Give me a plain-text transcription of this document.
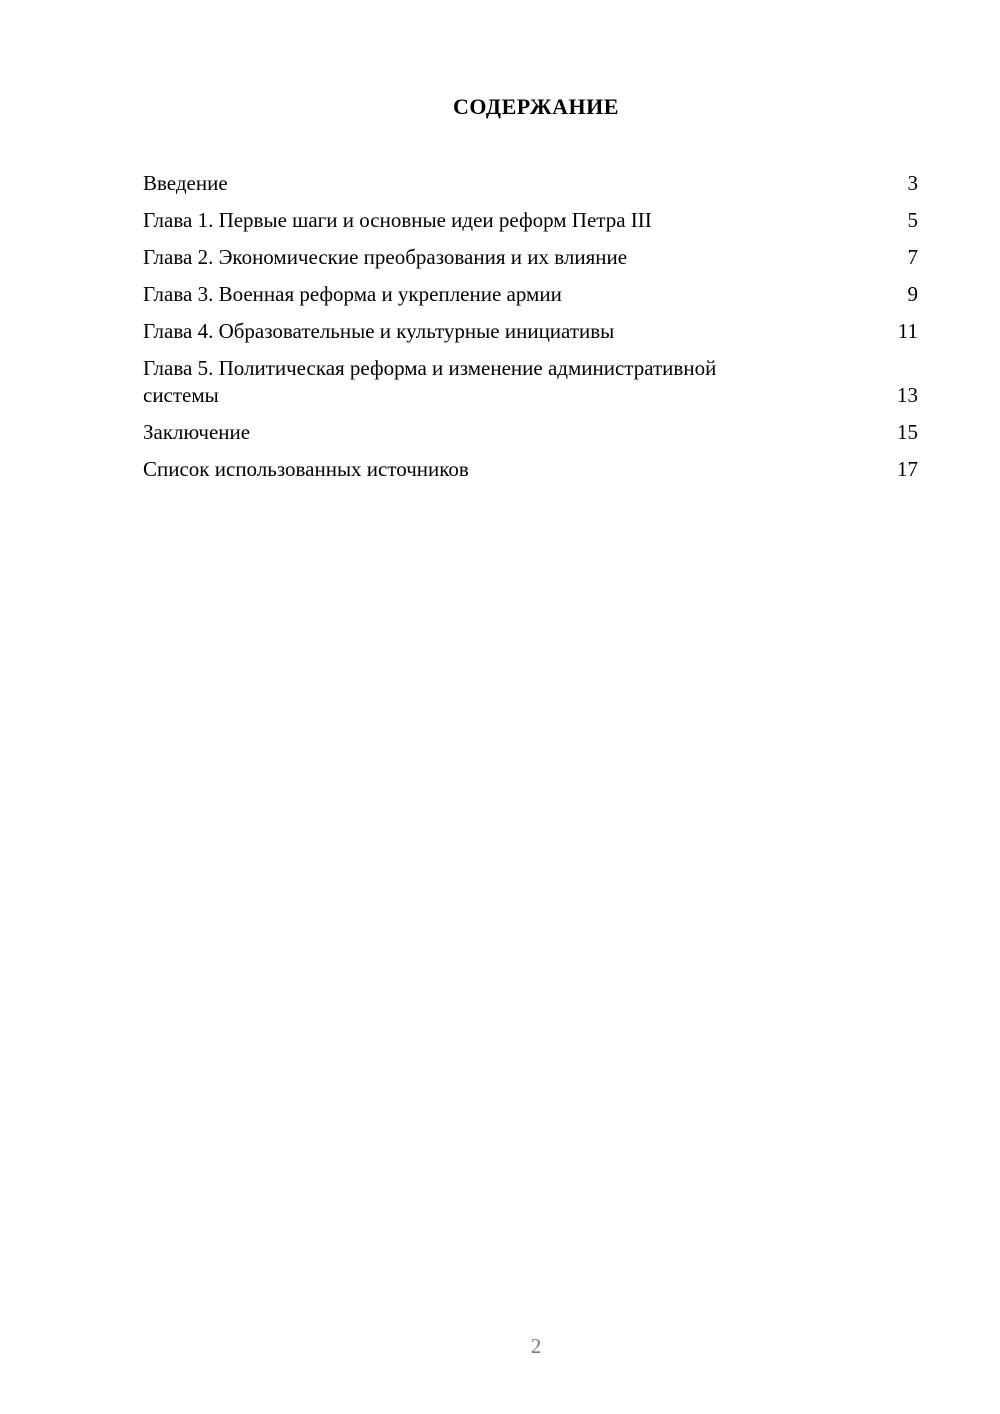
СОДЕРЖАНИЕ
Введение	3
Глава 1. Первые шаги и основные идеи реформ Петра III	5
Глава 2. Экономические преобразования и их влияние	7
Глава 3. Военная реформа и укрепление армии	9
Глава 4. Образовательные и культурные инициативы	11
Глава 5. Политическая реформа и изменение административной системы	13
Заключение	15
Список использованных источников	17
2
